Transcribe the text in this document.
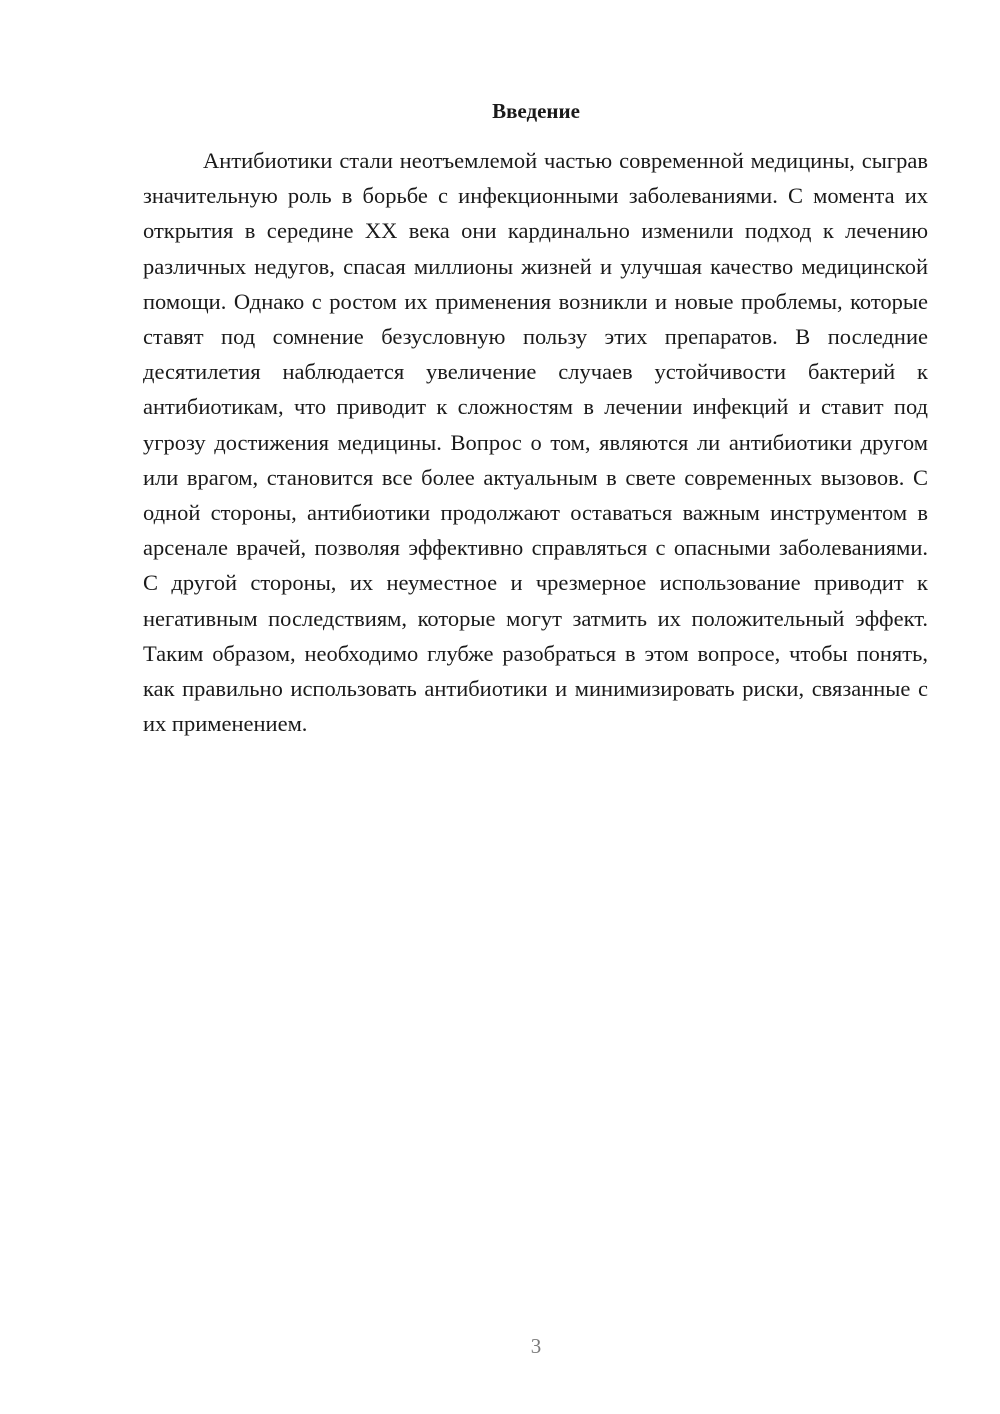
Введение

Антибиотики стали неотъемлемой частью современной медицины, сыграв значительную роль в борьбе с инфекционными заболеваниями. С момента их открытия в середине XX века они кардинально изменили подход к лечению различных недугов, спасая миллионы жизней и улучшая качество медицинской помощи. Однако с ростом их применения возникли и новые проблемы, которые ставят под сомнение безусловную пользу этих препаратов. В последние десятилетия наблюдается увеличение случаев устойчивости бактерий к антибиотикам, что приводит к сложностям в лечении инфекций и ставит под угрозу достижения медицины. Вопрос о том, являются ли антибиотики другом или врагом, становится все более актуальным в свете современных вызовов. С одной стороны, антибиотики продолжают оставаться важным инструментом в арсенале врачей, позволяя эффективно справляться с опасными заболеваниями. С другой стороны, их неуместное и чрезмерное использование приводит к негативным последствиям, которые могут затмить их положительный эффект. Таким образом, необходимо глубже разобраться в этом вопросе, чтобы понять, как правильно использовать антибиотики и минимизировать риски, связанные с их применением.

3
